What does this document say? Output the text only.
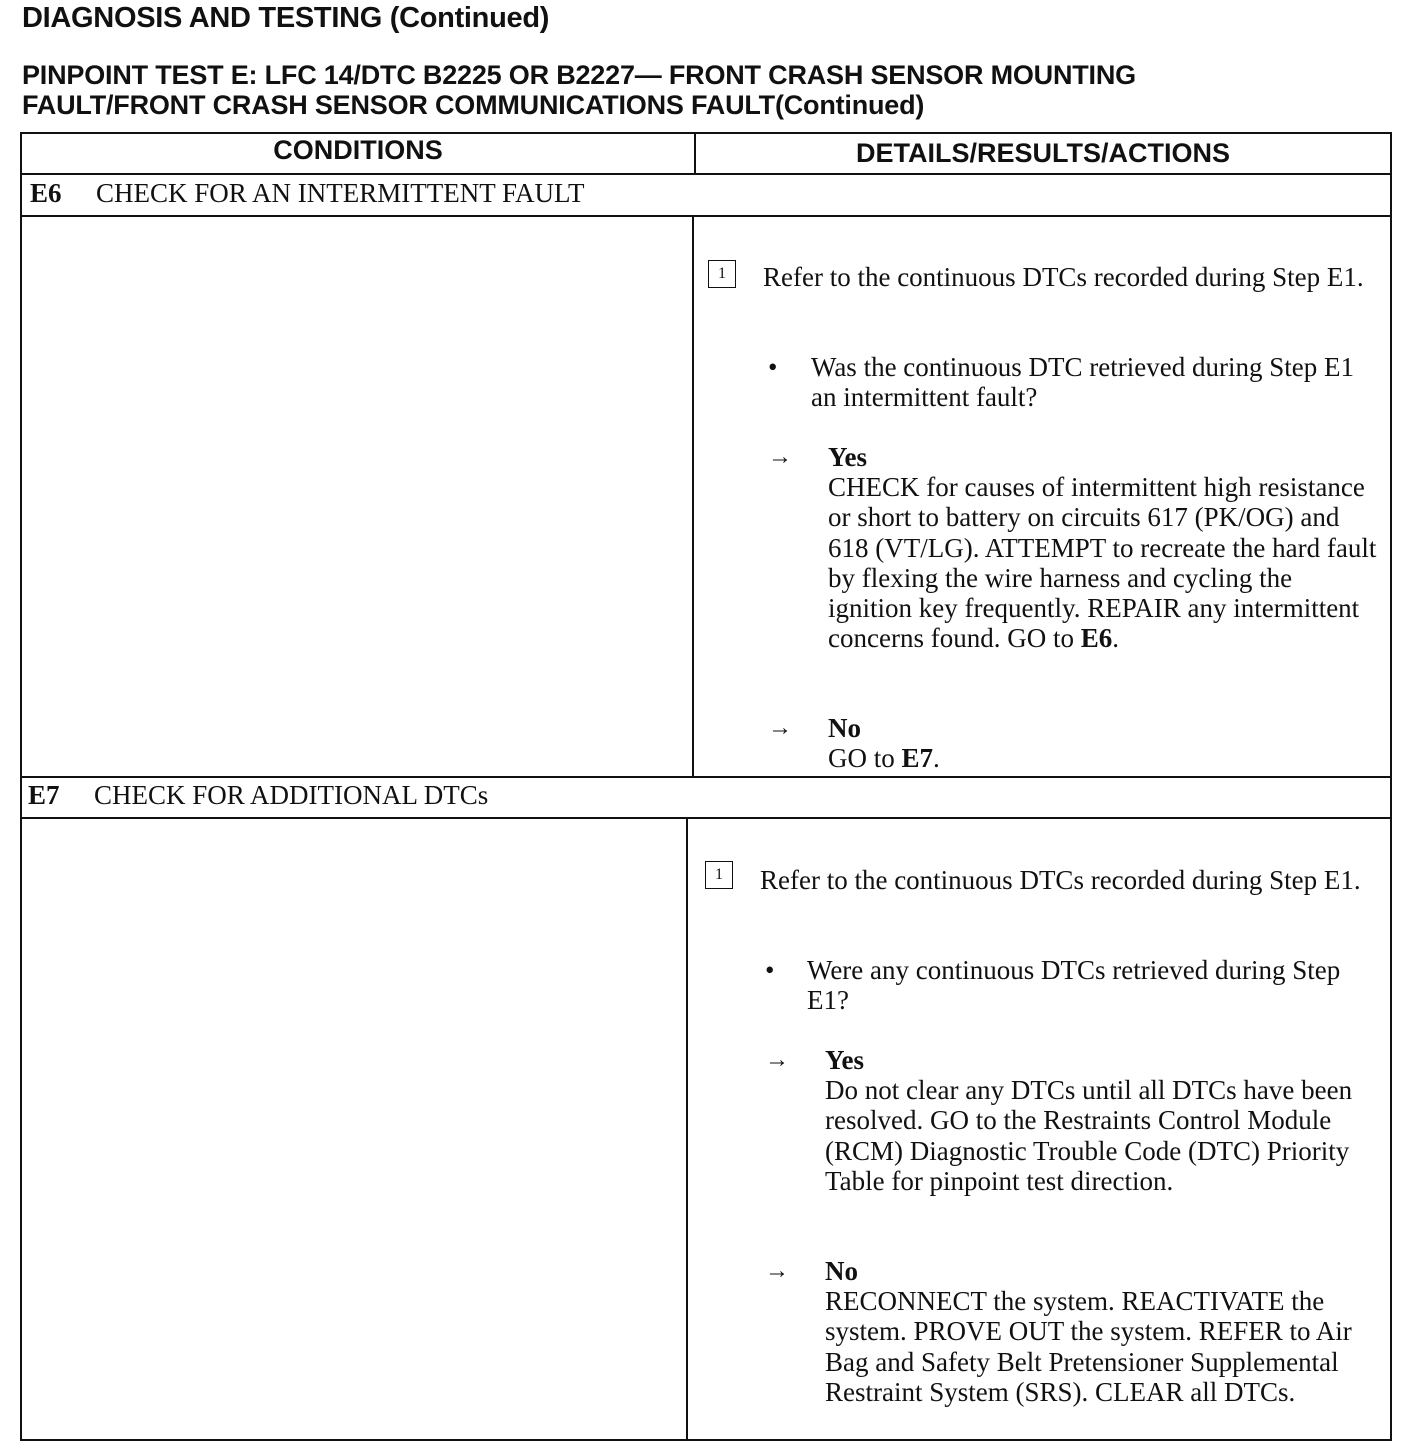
DIAGNOSIS AND TESTING (Continued)
PINPOINT TEST E: LFC 14/DTC B2225 OR B2227— FRONT CRASH SENSOR MOUNTING
FAULT/FRONT CRASH SENSOR COMMUNICATIONS FAULT(Continued)
CONDITIONS	DETAILS/RESULTS/ACTIONS
E6 CHECK FOR AN INTERMITTENT FAULT
1	Refer to the continuous DTCs recorded during Step E1.
• Was the continuous DTC retrieved during Step E1 an intermittent fault?
→ Yes
CHECK for causes of intermittent high resistance or short to battery on circuits 617 (PK/OG) and 618 (VT/LG). ATTEMPT to recreate the hard fault by flexing the wire harness and cycling the ignition key frequently. REPAIR any intermittent concerns found. GO to E6.
→ No
GO to E7.
E7 CHECK FOR ADDITIONAL DTCs
1	Refer to the continuous DTCs recorded during Step E1.
• Were any continuous DTCs retrieved during Step E1?
→ Yes
Do not clear any DTCs until all DTCs have been resolved. GO to the Restraints Control Module (RCM) Diagnostic Trouble Code (DTC) Priority Table for pinpoint test direction.
→ No
RECONNECT the system. REACTIVATE the system. PROVE OUT the system. REFER to Air Bag and Safety Belt Pretensioner Supplemental Restraint System (SRS). CLEAR all DTCs.
